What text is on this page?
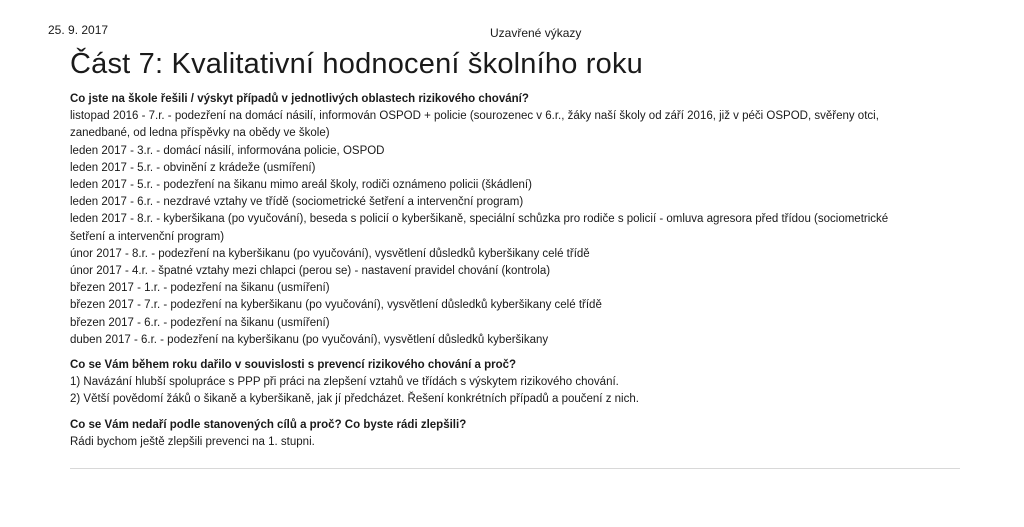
25. 9. 2017	Uzavřené výkazy
Část 7: Kvalitativní hodnocení školního roku

Co jste na škole řešili / výskyt případů v jednotlivých oblastech rizikového chování?

listopad 2016 - 7.r. - podezření na domácí násilí, informován OSPOD + policie (sourozenec v 6.r., žáky naší školy od září 2016, již v péči OSPOD, svěřeny otci,

zanedbané, od ledna příspěvky na obědy ve škole)

leden 2017 - 3.r. - domácí násilí, informována policie, OSPOD

leden 2017 - 5.r. - obvinění z krádeže (usmíření)

leden 2017 - 5.r. - podezření na šikanu mimo areál školy, rodiči oznámeno policii (škádlení)

leden 2017 - 6.r. - nezdravé vztahy ve třídě (sociometrické šetření a intervenční program)

leden 2017 - 8.r. - kyberšikana (po vyučování), beseda s policií o kyberšikaně, speciální schůzka pro rodiče s policií - omluva agresora před třídou (sociometrické

šetření a intervenční program)

únor 2017 - 8.r. - podezření na kyberšikanu (po vyučování), vysvětlení důsledků kyberšikany celé třídě

únor 2017 - 4.r. - špatné vztahy mezi chlapci (perou se) - nastavení pravidel chování (kontrola)

březen 2017 - 1.r. - podezření na šikanu (usmíření)

březen 2017 - 7.r. - podezření na kyberšikanu (po vyučování), vysvětlení důsledků kyberšikany celé třídě

březen 2017 - 6.r. - podezření na šikanu (usmíření)

duben 2017 - 6.r. - podezření na kyberšikanu (po vyučování), vysvětlení důsledků kyberšikany

Co se Vám během roku dařilo v souvislosti s prevencí rizikového chování a proč?

1) Navázání hlubší spolupráce s PPP při práci na zlepšení vztahů ve třídách s výskytem rizikového chování.

2) Větší povědomí žáků o šikaně a kyberšikaně, jak jí předcházet. Řešení konkrétních případů a poučení z nich.

Co se Vám nedaří podle stanovených cílů a proč? Co byste rádi zlepšili?

Rádi bychom ještě zlepšili prevenci na 1. stupni.
